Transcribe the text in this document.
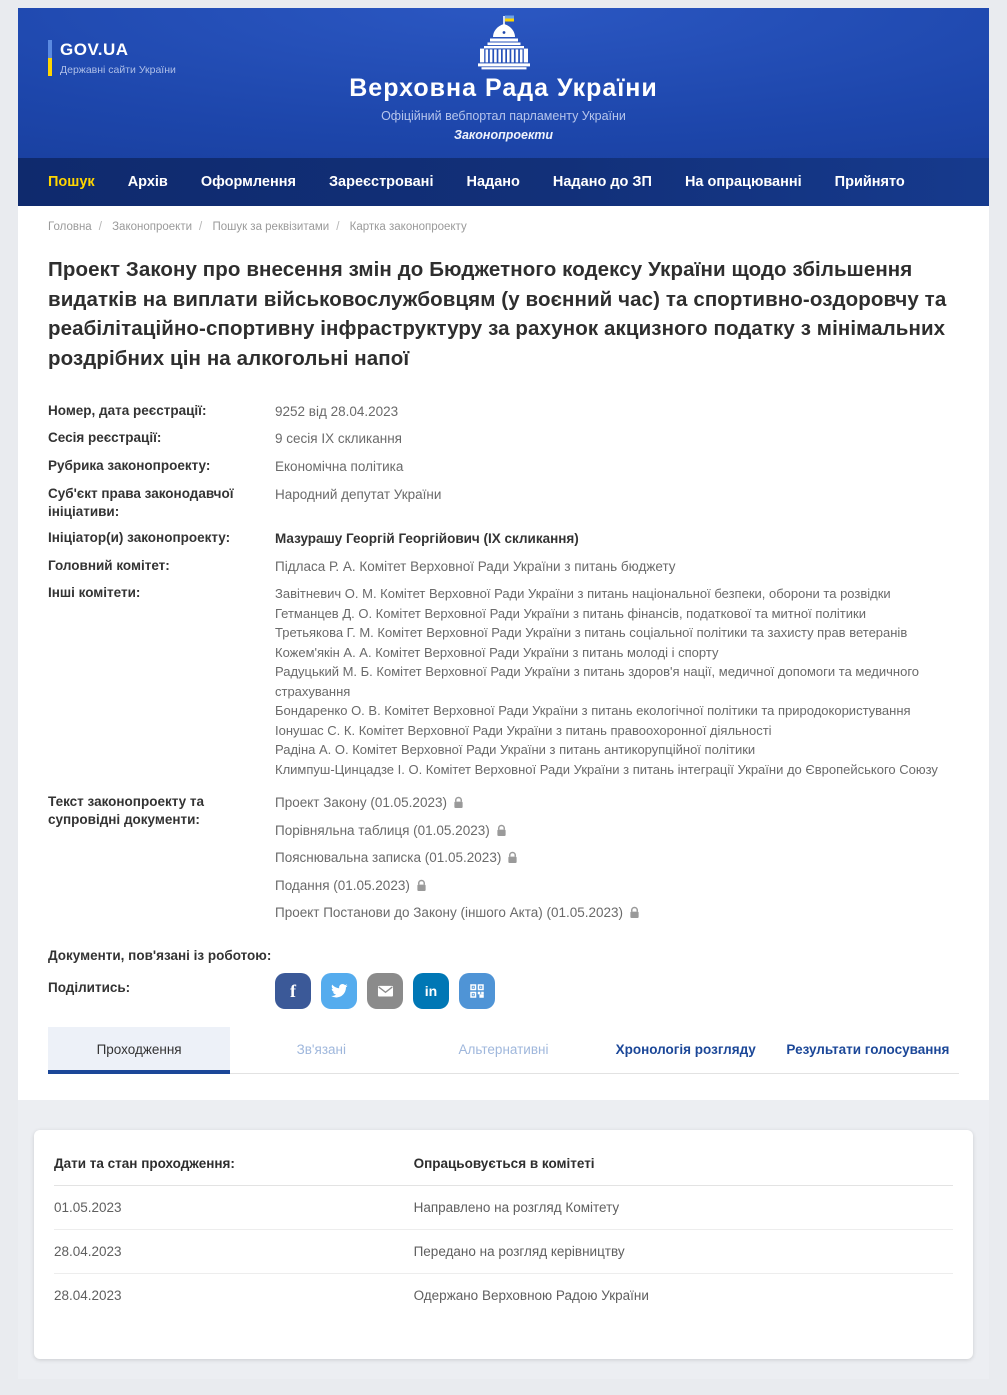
GOV.UA
Державні сайти України
Верховна Рада України
Офіційний вебпортал парламенту України
Законопроекти
Пошук Архів Оформлення Зареєстровані Надано Надано до ЗП На опрацюванні Прийнято
Головна / Законопроекти / Пошук за реквізитами / Картка законопроекту
Проект Закону про внесення змін до Бюджетного кодексу України щодо збільшення видатків на виплати військовослужбовцям (у воєнний час) та спортивно-оздоровчу та реабілітаційно-спортивну інфраструктуру за рахунок акцизного податку з мінімальних роздрібних цін на алкогольні напої
Номер, дата реєстрації:	9252 від 28.04.2023
Сесія реєстрації:	9 сесія IX скликання
Рубрика законопроекту:	Економічна політика
Суб'єкт права законодавчої ініціативи:
Народний депутат України
Ініціатор(и) законопроекту:	Мазурашу Георгій Георгійович (IX скликання)
Головний комітет:	Підласа Р. А. Комітет Верховної Ради України з питань бюджету
Інші комітети:	Завітневич О. М. Комітет Верховної Ради України з питань національної безпеки, оборони та розвідки
Гетманцев Д. О. Комітет Верховної Ради України з питань фінансів, податкової та митної політики
Третьякова Г. М. Комітет Верховної Ради України з питань соціальної політики та захисту прав ветеранів
Кожем'якін А. А. Комітет Верховної Ради України з питань молоді і спорту
Радуцький М. Б. Комітет Верховної Ради України з питань здоров'я нації, медичної допомоги та медичного страхування
Бондаренко О. В. Комітет Верховної Ради України з питань екологічної політики та природокористування
Іонушас С. К. Комітет Верховної Ради України з питань правоохоронної діяльності
Радіна А. О. Комітет Верховної Ради України з питань антикорупційної політики
Климпуш-Цинцадзе І. О. Комітет Верховної Ради України з питань інтеграції України до Європейського Союзу
Текст законопроекту та супровідні документи:
Проект Закону (01.05.2023)
Порівняльна таблиця (01.05.2023)
Пояснювальна записка (01.05.2023)
Подання (01.05.2023)
Проект Постанови до Закону (іншого Акта) (01.05.2023)
Документи, пов'язані із роботою:
Поділитись:	f	in
Проходження	Зв'язані	Альтернативні	Хронологія розгляду	Результати голосування
Дати та стан проходження:	Опрацьовується в комітеті
01.05.2023	Направлено на розгляд Комітету
28.04.2023	Передано на розгляд керівництву
28.04.2023	Одержано Верховною Радою України
